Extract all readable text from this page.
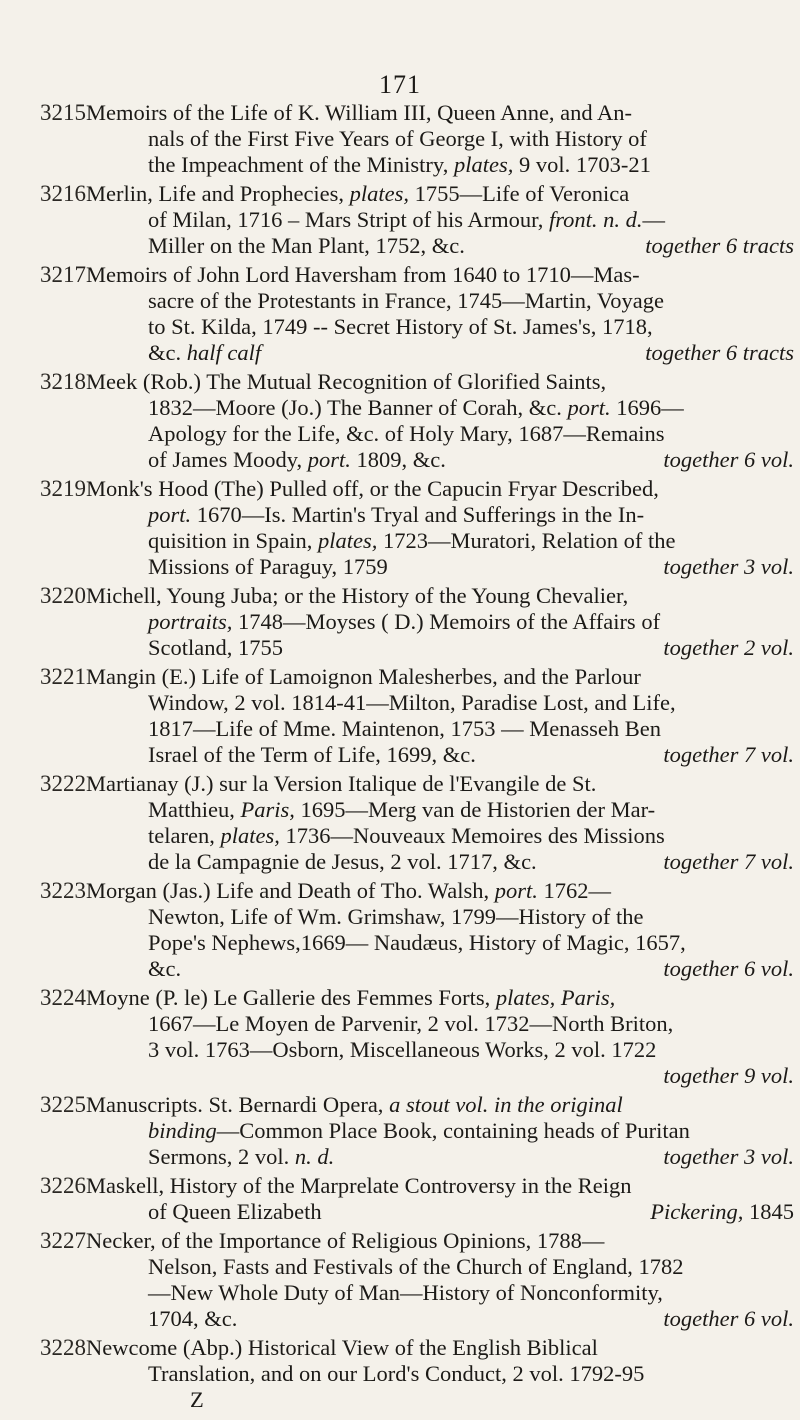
171
3215 Memoirs of the Life of K. William III, Queen Anne, and An-
nals of the First Five Years of George I, with History of
the Impeachment of the Ministry, plates, 9 vol. 1703-21
3216 Merlin, Life and Prophecies, plates, 1755—Life of Veronica
of Milan, 1716 – Mars Stript of his Armour, front. n. d.—
Miller on the Man Plant, 1752, &c.	together 6 tracts
3217 Memoirs of John Lord Haversham from 1640 to 1710—Mas-
sacre of the Protestants in France, 1745—Martin, Voyage
to St. Kilda, 1749 -- Secret History of St. James's, 1718,
&c. half calf	together 6 tracts
3218 Meek (Rob.) The Mutual Recognition of Glorified Saints,
1832—Moore (Jo.) The Banner of Corah, &c. port. 1696—
Apology for the Life, &c. of Holy Mary, 1687—Remains
of James Moody, port. 1809, &c.	together 6 vol.
3219 Monk's Hood (The) Pulled off, or the Capucin Fryar Described,
port. 1670—Is. Martin's Tryal and Sufferings in the In-
quisition in Spain, plates, 1723—Muratori, Relation of the
Missions of Paraguy, 1759	together 3 vol.
3220 Michell, Young Juba; or the History of the Young Chevalier,
portraits, 1748—Moyses ( D.) Memoirs of the Affairs of
Scotland, 1755	together 2 vol.
3221 Mangin (E.) Life of Lamoignon Malesherbes, and the Parlour
Window, 2 vol. 1814-41—Milton, Paradise Lost, and Life,
1817—Life of Mme. Maintenon, 1753 — Menasseh Ben
Israel of the Term of Life, 1699, &c.	together 7 vol.
3222 Martianay (J.) sur la Version Italique de l'Evangile de St.
Matthieu, Paris, 1695—Merg van de Historien der Mar-
telaren, plates, 1736—Nouveaux Memoires des Missions
de la Campagnie de Jesus, 2 vol. 1717, &c.	together 7 vol.
3223 Morgan (Jas.) Life and Death of Tho. Walsh, port. 1762—
Newton, Life of Wm. Grimshaw, 1799—History of the
Pope's Nephews,1669— Naudæus, History of Magic, 1657,
&c.	together 6 vol.
3224 Moyne (P. le) Le Gallerie des Femmes Forts, plates, Paris,
1667—Le Moyen de Parvenir, 2 vol. 1732—North Briton,
3 vol. 1763—Osborn, Miscellaneous Works, 2 vol. 1722

together 9 vol.
3225 Manuscripts. St. Bernardi Opera, a stout vol. in the original
binding—Common Place Book, containing heads of Puritan
Sermons, 2 vol. n. d.	together 3 vol.
3226 Maskell, History of the Marprelate Controversy in the Reign
of Queen Elizabeth	Pickering, 1845
3227 Necker, of the Importance of Religious Opinions, 1788—
Nelson, Fasts and Festivals of the Church of England, 1782
—New Whole Duty of Man—History of Nonconformity,
1704, &c.	together 6 vol.
3228 Newcome (Abp.) Historical View of the English Biblical
Translation, and on our Lord's Conduct, 2 vol. 1792-95
Z
